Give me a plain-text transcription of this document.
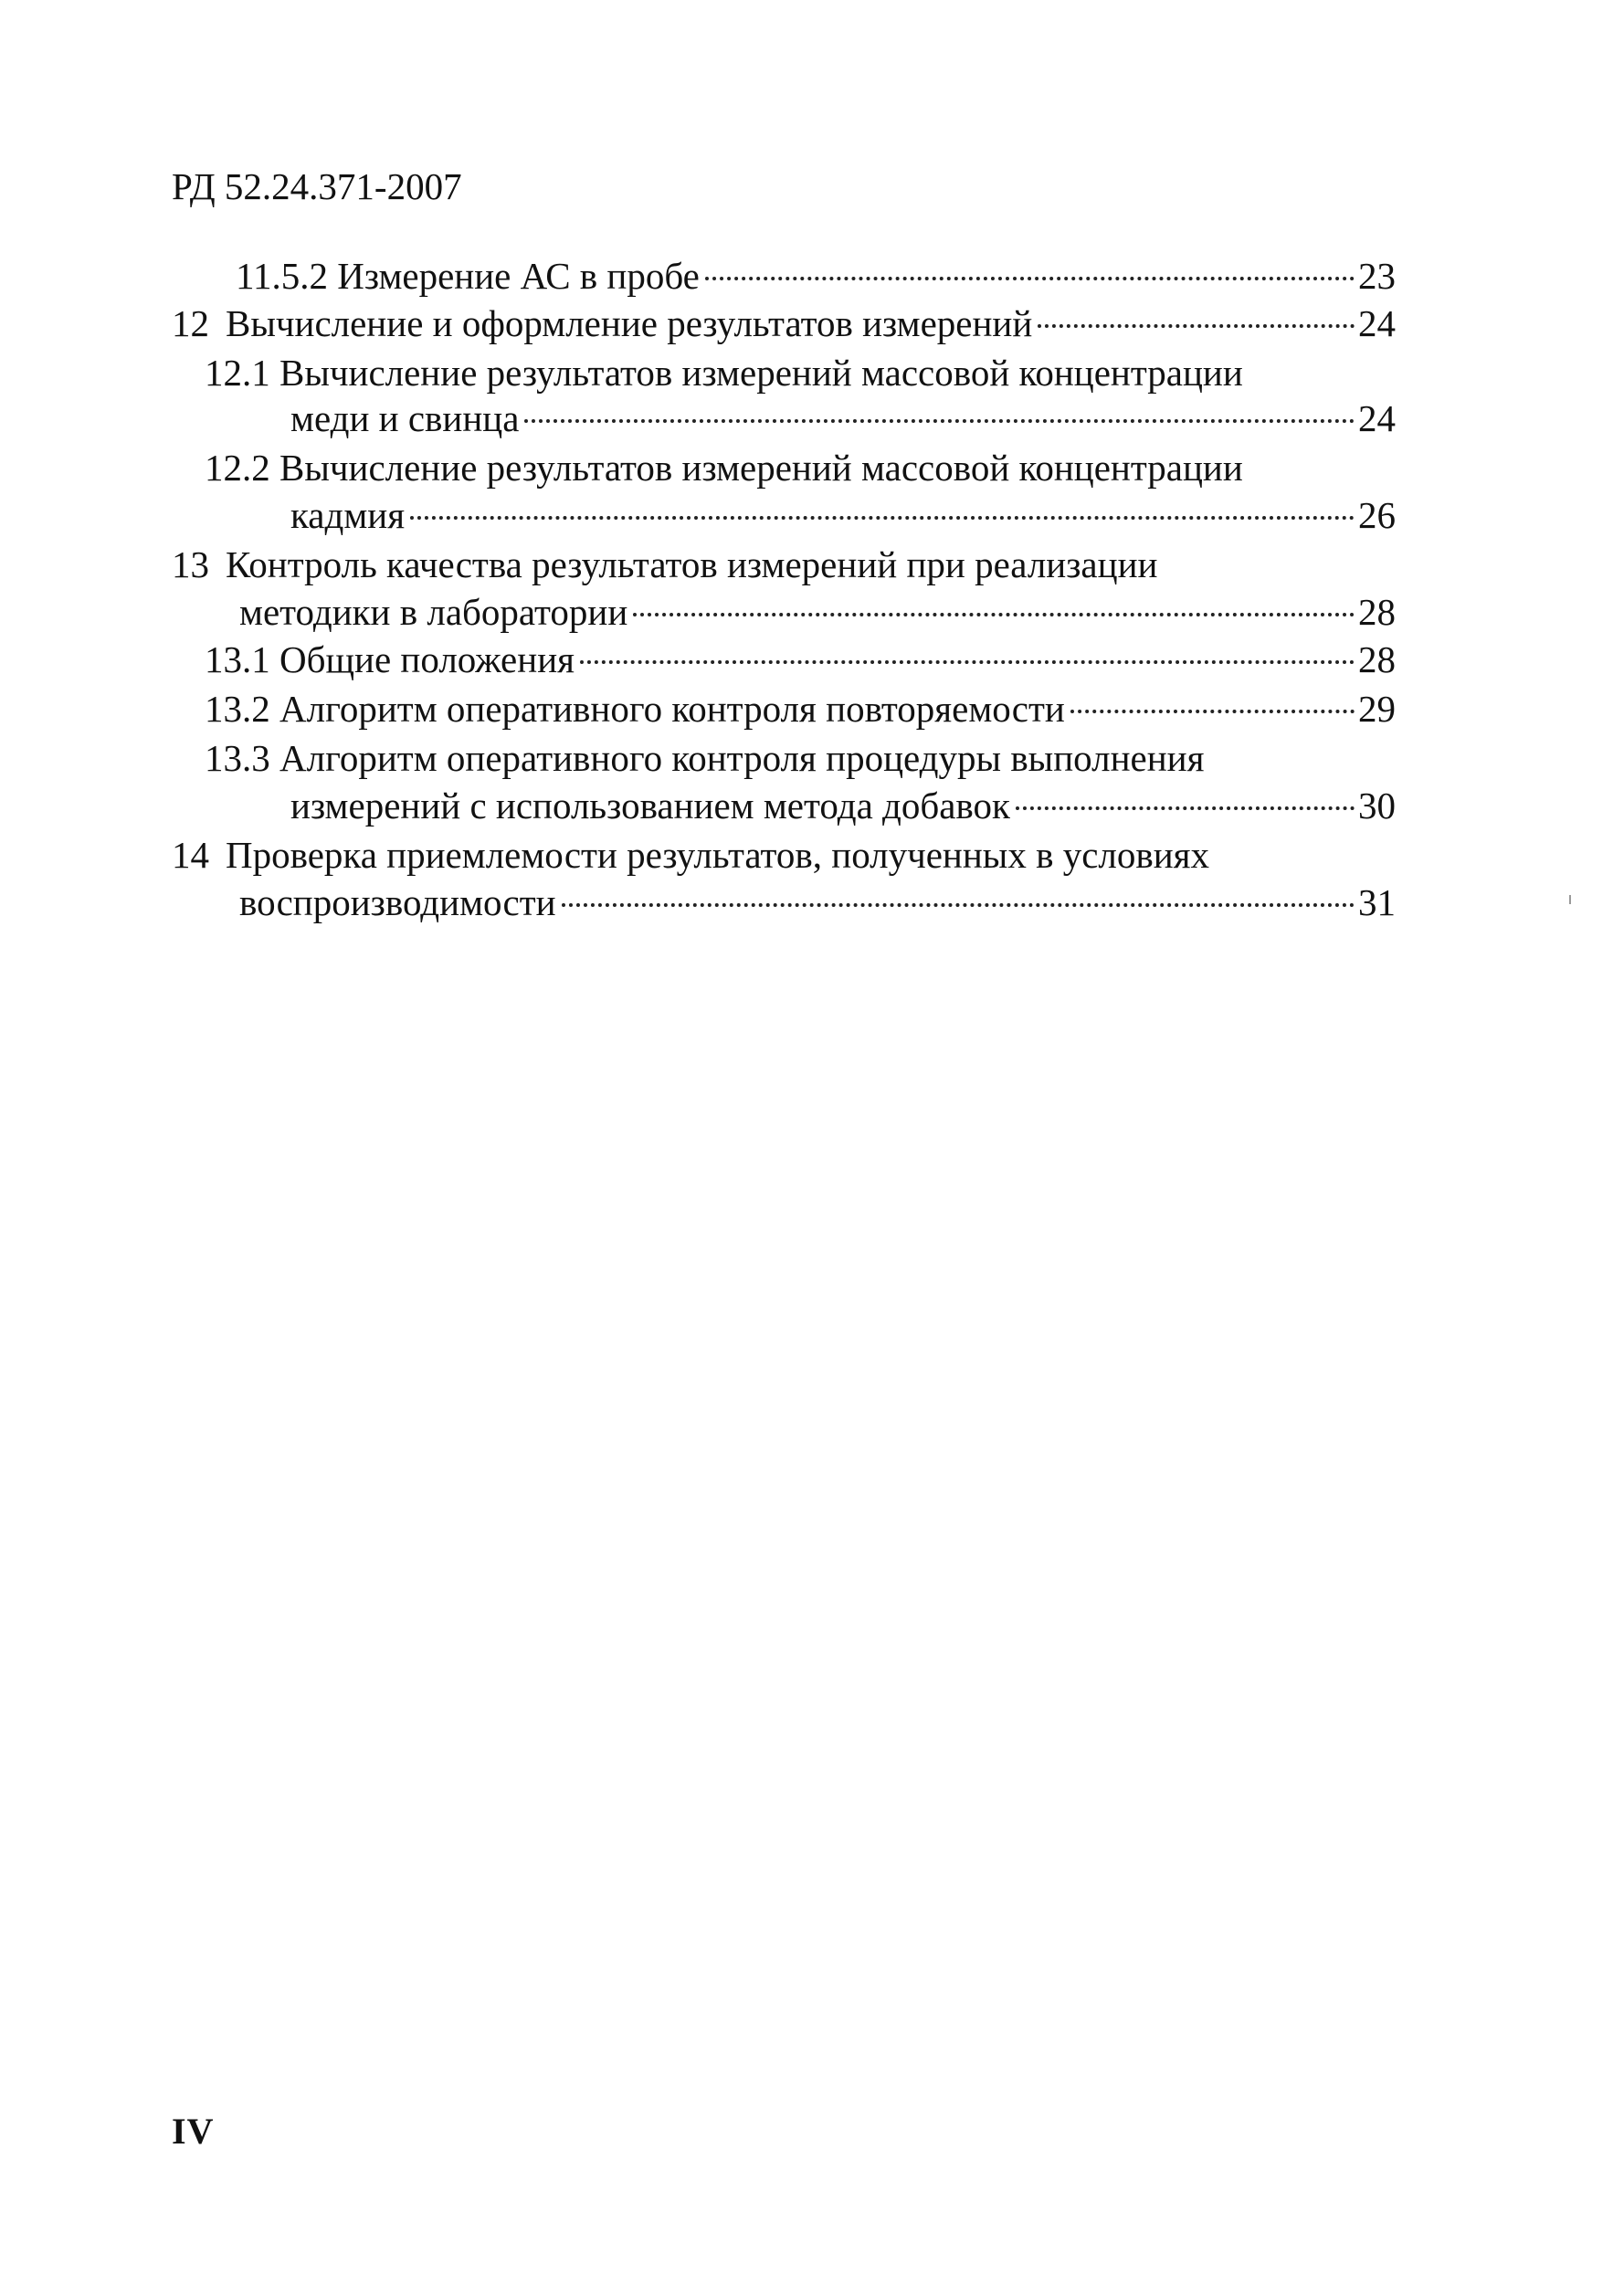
РД 52.24.371-2007
11.5.2 Измерение АС в пробе	23
12 Вычисление и оформление результатов измерений	24
12.1 Вычисление результатов измерений массовой концентрации
меди и свинца	24
12.2 Вычисление результатов измерений массовой концентрации
кадмия	26
13 Контроль качества результатов измерений при реализации
методики в лаборатории	28
13.1 Общие положения	28
13.2 Алгоритм оперативного контроля повторяемости	29
13.3 Алгоритм оперативного контроля процедуры выполнения
измерений с использованием метода добавок	30
14 Проверка приемлемости результатов, полученных в условиях
воспроизводимости	31
IV
